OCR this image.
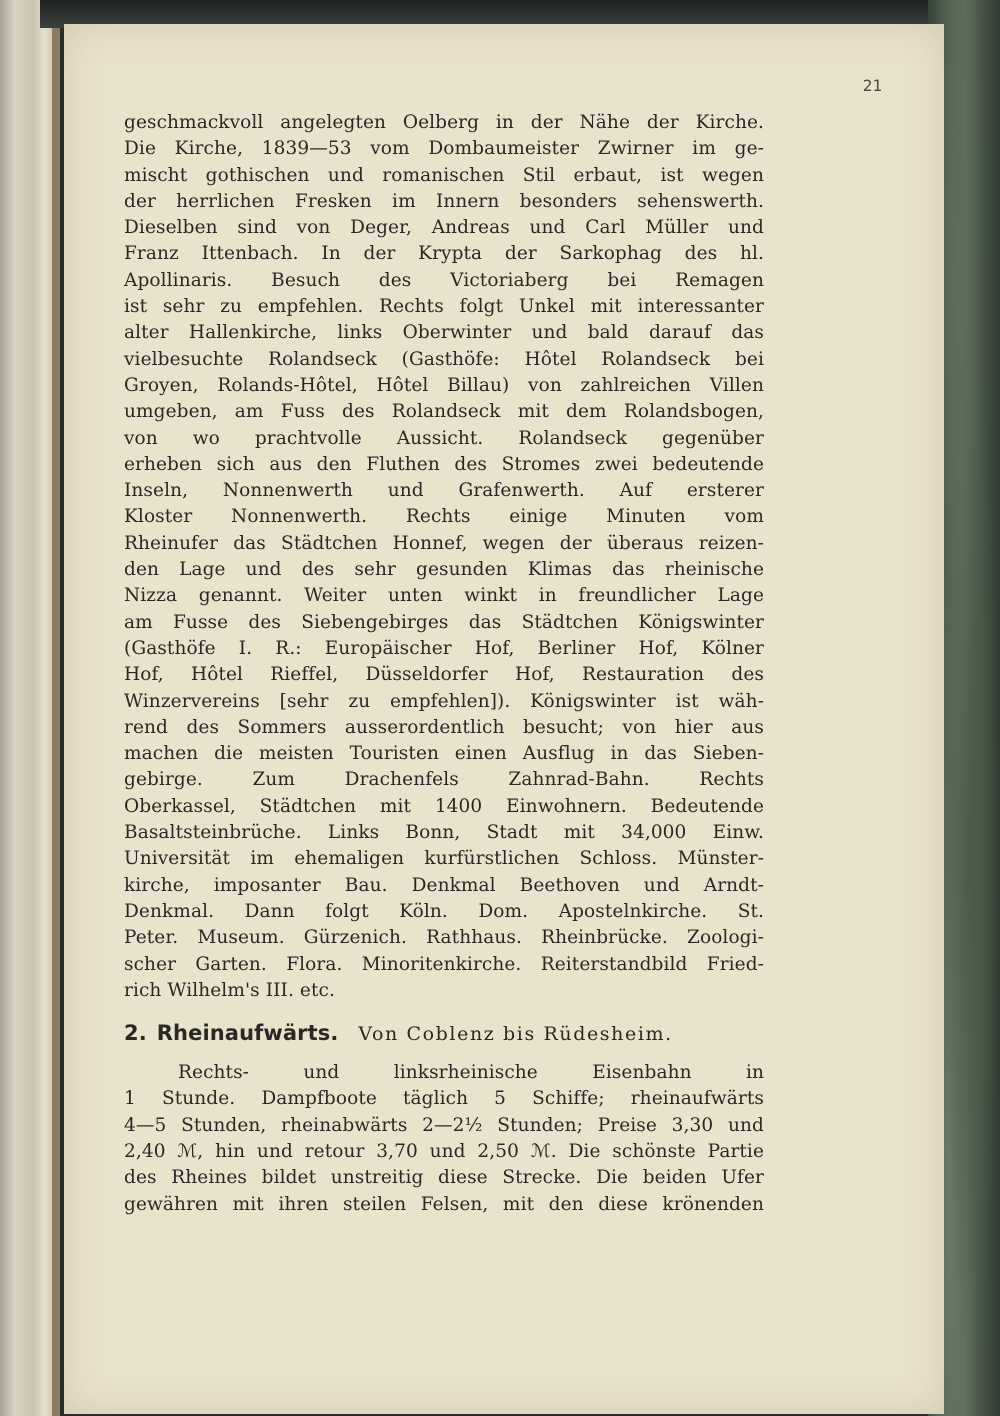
21

geschmackvoll angelegten Oelberg in der Nähe der Kirche.
Die Kirche, 1839—53 vom Dombaumeister Zwirner im ge-
mischt gothischen und romanischen Stil erbaut, ist wegen
der herrlichen Fresken im Innern besonders sehenswerth.
Dieselben sind von Deger, Andreas und Carl Müller und
Franz Ittenbach. In der Krypta der Sarkophag des hl.
Apollinaris. Besuch des Victoriaberg bei Remagen
ist sehr zu empfehlen. Rechts folgt Unkel mit interessanter
alter Hallenkirche, links Oberwinter und bald darauf das
vielbesuchte Rolandseck (Gasthöfe: Hôtel Rolandseck bei
Groyen, Rolands-Hôtel, Hôtel Billau) von zahlreichen Villen
umgeben, am Fuss des Rolandseck mit dem Rolandsbogen,
von wo prachtvolle Aussicht. Rolandseck gegenüber
erheben sich aus den Fluthen des Stromes zwei bedeutende
Inseln, Nonnenwerth und Grafenwerth. Auf ersterer
Kloster Nonnenwerth. Rechts einige Minuten vom
Rheinufer das Städtchen Honnef, wegen der überaus reizen-
den Lage und des sehr gesunden Klimas das rheinische
Nizza genannt. Weiter unten winkt in freundlicher Lage
am Fusse des Siebengebirges das Städtchen Königswinter
(Gasthöfe I. R.: Europäischer Hof, Berliner Hof, Kölner
Hof, Hôtel Rieffel, Düsseldorfer Hof, Restauration des
Winzervereins [sehr zu empfehlen]). Königswinter ist wäh-
rend des Sommers ausserordentlich besucht; von hier aus
machen die meisten Touristen einen Ausflug in das Sieben-
gebirge. Zum Drachenfels Zahnrad-Bahn. Rechts
Oberkassel, Städtchen mit 1400 Einwohnern. Bedeutende
Basaltsteinbrüche. Links Bonn, Stadt mit 34,000 Einw.
Universität im ehemaligen kurfürstlichen Schloss. Münster-
kirche, imposanter Bau. Denkmal Beethoven und Arndt-
Denkmal. Dann folgt Köln. Dom. Apostelnkirche. St.
Peter. Museum. Gürzenich. Rathhaus. Rheinbrücke. Zoologi-
scher Garten. Flora. Minoritenkirche. Reiterstandbild Fried-
rich Wilhelm's III. etc.
2. Rheinaufwärts. Von Coblenz bis Rüdesheim.
Rechts- und linksrheinische Eisenbahn in
1 Stunde. Dampfboote täglich 5 Schiffe; rheinaufwärts
4—5 Stunden, rheinabwärts 2—2½ Stunden; Preise 3,30 und
2,40 ℳ, hin und retour 3,70 und 2,50 ℳ. Die schönste Partie
des Rheines bildet unstreitig diese Strecke. Die beiden Ufer
gewähren mit ihren steilen Felsen, mit den diese krönenden
